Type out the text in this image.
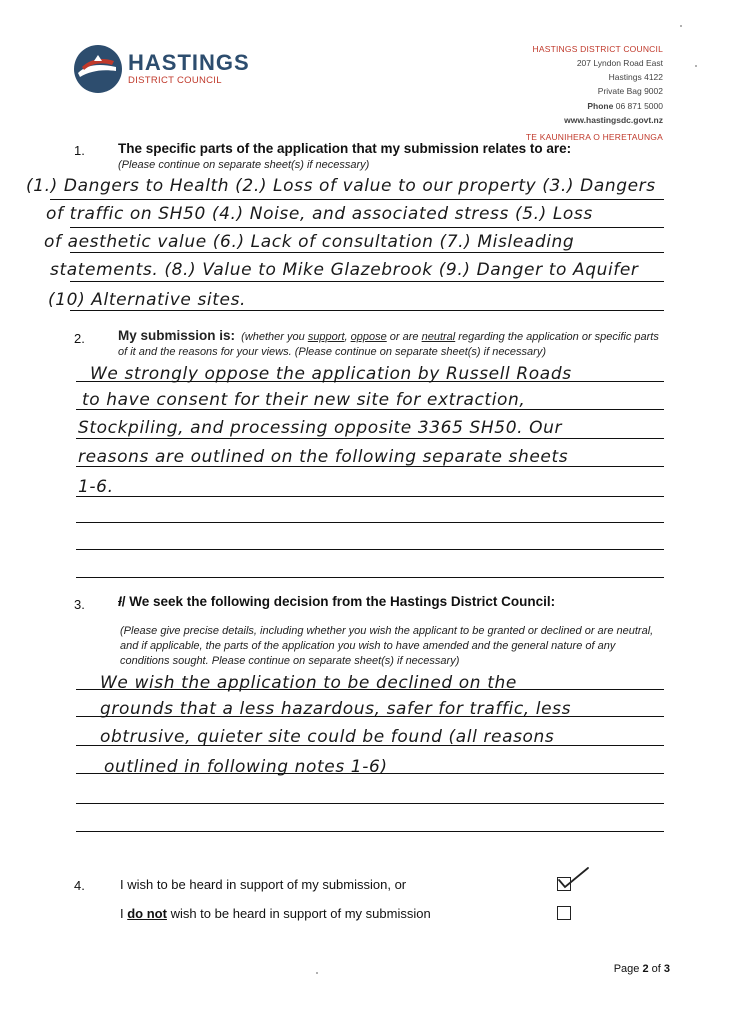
HASTINGS
DISTRICT COUNCIL
HASTINGS DISTRICT COUNCIL
207 Lyndon Road East
Hastings 4122
Private Bag 9002
Phone 06 871 5000
www.hastingsdc.govt.nz
TE KAUNIHERA O HERETAUNGA
1. The specific parts of the application that my submission relates to are:
(Please continue on separate sheet(s) if necessary)
(1.) Dangers to Health (2.) Loss of value to our property (3.) Dangers
of traffic on SH50 (4.) Noise, and associated stress (5.) Loss
of aesthetic value (6.) Lack of consultation (7.) Misleading
statements. (8.) Value to Mike Glazebrook (9.) Danger to Aquifer
(10) Alternative sites.
2. My submission is: (whether you support, oppose or are neutral regarding the application or specific parts
of it and the reasons for your views. (Please continue on separate sheet(s) if necessary)
We strongly oppose the application by Russell Roads
to have consent for their new site for extraction,
Stockpiling, and processing opposite 3365 SH50. Our
reasons are outlined on the following separate sheets
1-6.
3. I/ We seek the following decision from the Hastings District Council:
(Please give precise details, including whether you wish the applicant to be granted or declined or are neutral,
and if applicable, the parts of the application you wish to have amended and the general nature of any
conditions sought. Please continue on separate sheet(s) if necessary)
We wish the application to be declined on the
grounds that a less hazardous, safer for traffic, less
obtrusive, quieter site could be found (all reasons
outlined in following notes 1-6)
4.	I wish to be heard in support of my submission, or
I do not wish to be heard in support of my submission
Page 2 of 3
